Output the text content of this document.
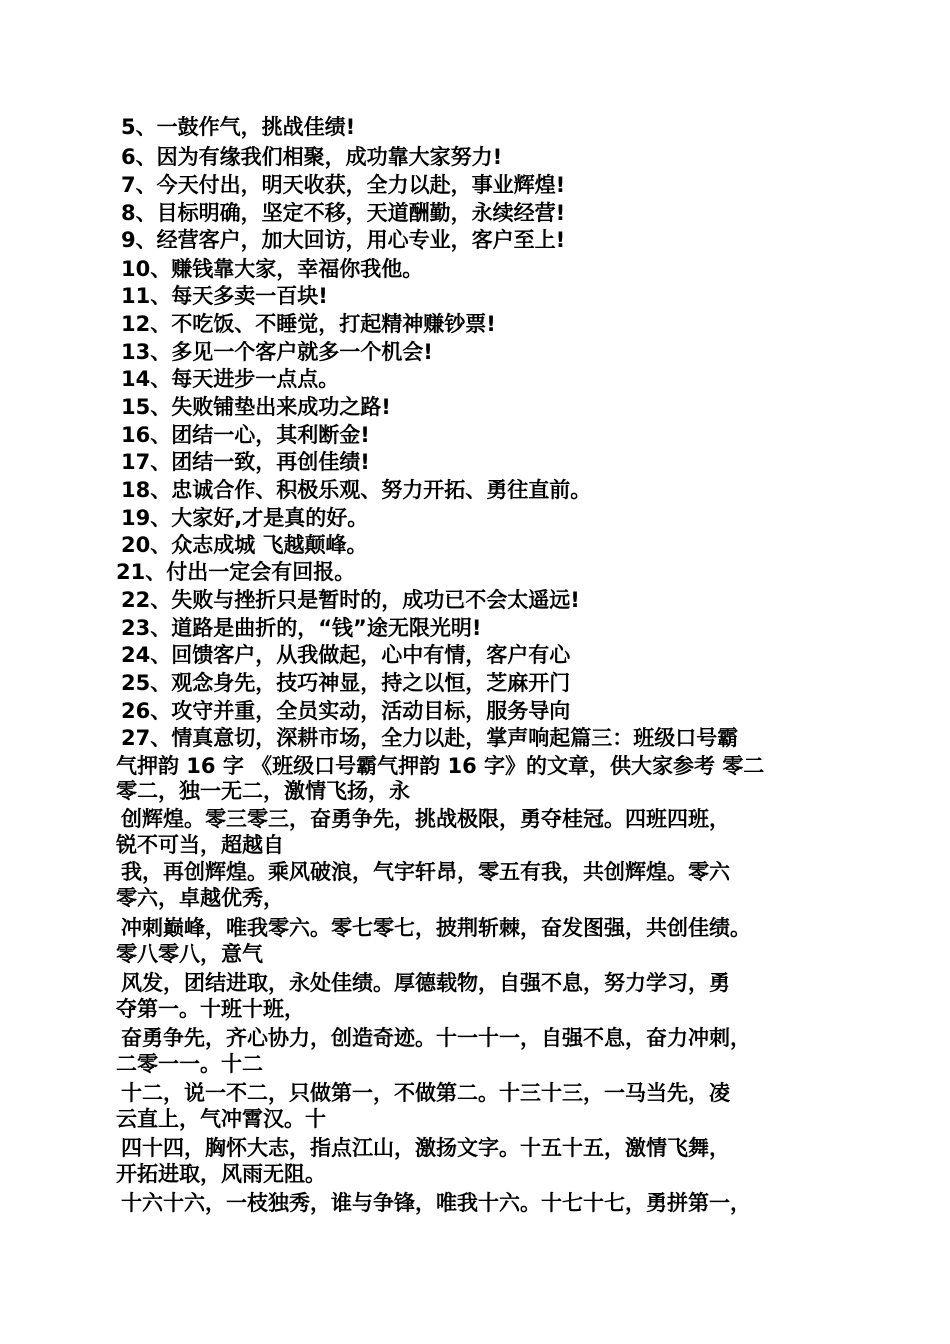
5、一鼓作气，挑战佳绩!
6、因为有缘我们相聚，成功靠大家努力!
7、今天付出，明天收获，全力以赴，事业辉煌!
8、目标明确，坚定不移，天道酬勤，永续经营!
9、经营客户，加大回访，用心专业，客户至上!
10、赚钱靠大家，幸福你我他。
11、每天多卖一百块!
12、不吃饭、不睡觉，打起精神赚钞票!
13、多见一个客户就多一个机会!
14、每天进步一点点。
15、失败铺垫出来成功之路!
16、团结一心，其利断金!
17、团结一致，再创佳绩!
18、忠诚合作、积极乐观、努力开拓、勇往直前。
19、大家好,才是真的好。
20、众志成城 飞越颠峰。
21、付出一定会有回报。
22、失败与挫折只是暂时的，成功已不会太遥远!
23、道路是曲折的，“钱”途无限光明!
24、回馈客户，从我做起，心中有情，客户有心
25、观念身先，技巧神显，持之以恒，芝麻开门
26、攻守并重，全员实动，活动目标，服务导向
27、情真意切，深耕市场，全力以赴，掌声响起篇三：班级口号霸
气押韵 16 字 《班级口号霸气押韵 16 字》的文章，供大家参考 零二
零二，独一无二，激情飞扬，永
创辉煌。零三零三，奋勇争先，挑战极限，勇夺桂冠。四班四班，
锐不可当，超越自
我，再创辉煌。乘风破浪，气宇轩昂，零五有我，共创辉煌。零六
零六，卓越优秀，
冲刺巅峰，唯我零六。零七零七，披荆斩棘，奋发图强，共创佳绩。
零八零八，意气
风发，团结进取，永处佳绩。厚德载物，自强不息，努力学习，勇
夺第一。十班十班，
奋勇争先，齐心协力，创造奇迹。十一十一，自强不息，奋力冲刺，
二零一一。十二
十二，说一不二，只做第一，不做第二。十三十三，一马当先，凌
云直上，气冲霄汉。十
四十四，胸怀大志，指点江山，激扬文字。十五十五，激情飞舞，
开拓进取，风雨无阻。
十六十六，一枝独秀，谁与争锋，唯我十六。十七十七，勇拼第一，
